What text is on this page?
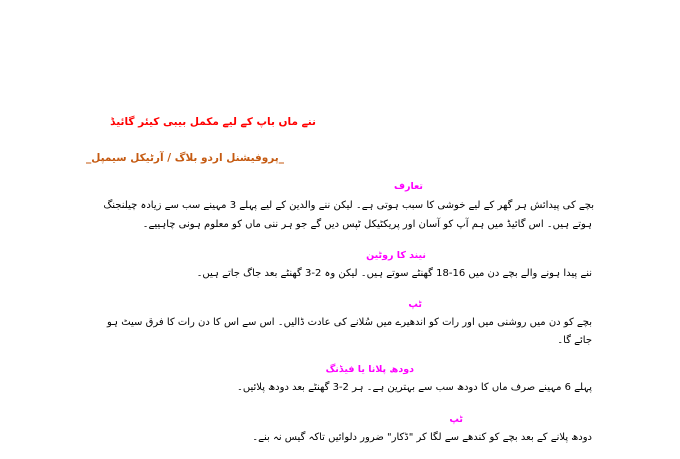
ننے ماں باپ کے لیے مکمل بیبی کیئر گائیڈ
_پروفیشنل اردو بلاگ / آرٹیکل سیمپل_
تعارف
بچے کی پیدائش ہر گھر کے لیے خوشی کا سبب ہوتی ہے۔ لیکن ننے والدین کے لیے پہلے 3 مہینے سب سے زیادہ چیلنجنگ
ہوتے ہیں۔ اس گائیڈ میں ہم آپ کو آسان اور پریکٹیکل ٹپس دیں گے جو ہر ننی ماں کو معلوم ہونی چاہییے۔
نیند کا روٹین
ننے پیدا ہونے والے بچے دن میں 16-18 گھنٹے سوتے ہیں۔ لیکن وہ 2-3 گھنٹے بعد جاگ جاتے ہیں۔
ٹپ
بچے کو دن میں روشنی میں اور رات کو اندھیرے میں سُلانے کی عادت ڈالیں۔ اس سے اس کا دن رات کا فرق سیٹ ہو
جائے گا۔
دودھ پلانا یا فیڈنگ
پہلے 6 مہینے صرف ماں کا دودھ سب سے بہترین ہے۔ ہر 2-3 گھنٹے بعد دودھ پلائیں۔
ٹپ
دودھ پلانے کے بعد بچے کو کندھے سے لگا کر "ڈکار" ضرور دلوائیں تاکہ گیس نہ بنے۔
